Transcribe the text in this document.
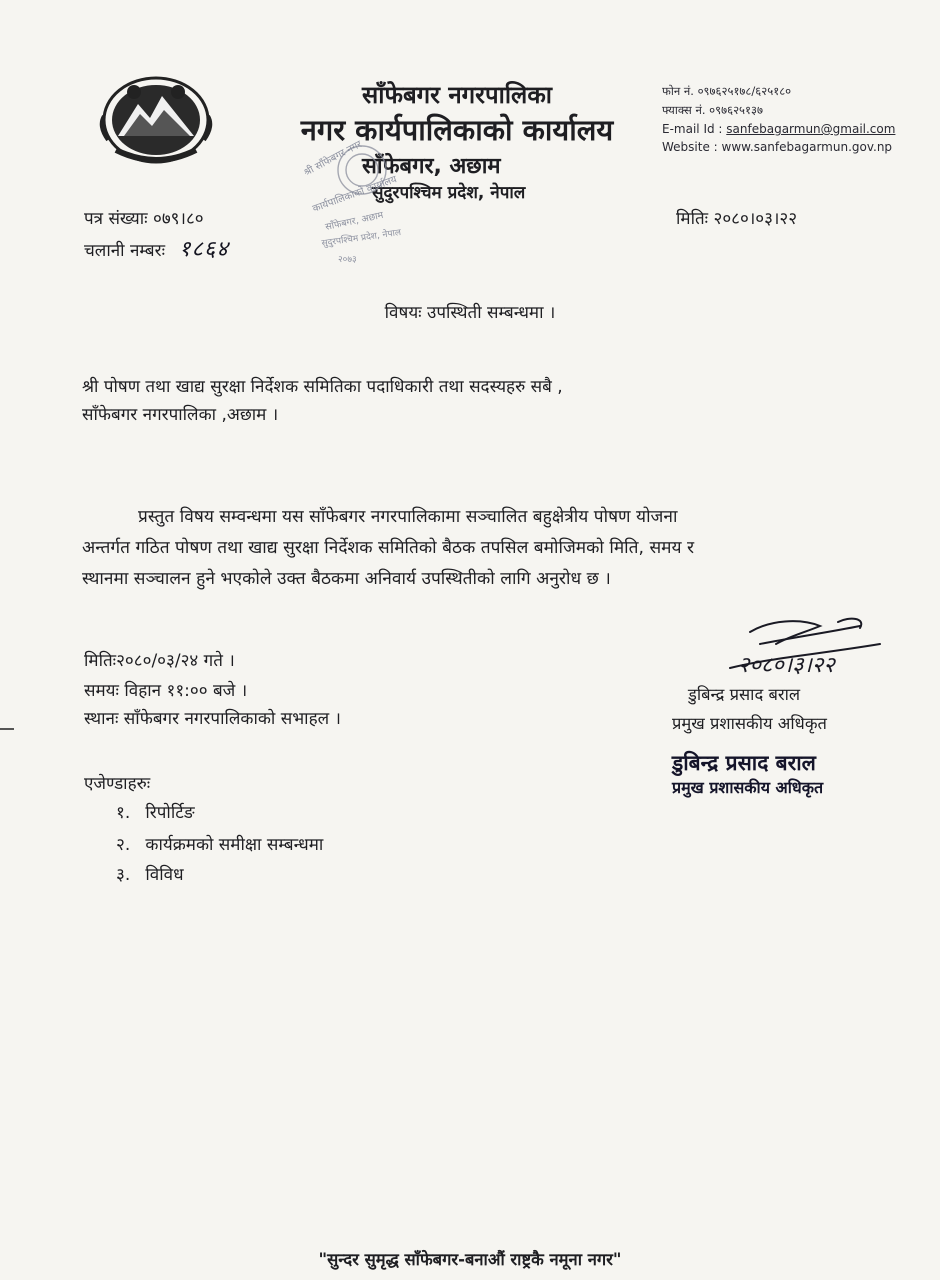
साँफेबगर नगरपालिका
नगर कार्यपालिकाको कार्यालय
साँफेबगर, अछाम
सुदुरपश्चिम प्रदेश, नेपाल
फोन नं. ०९७६२५१७८/६२५१८०
फ्याक्स नं. ०९७६२५१३७
E-mail Id : sanfebagarmun@gmail.com
Website : www.sanfebagarmun.gov.np
श्री साँफेबगर नगर
कार्यपालिकाको कार्यालय
साँफेबगर, अछाम
सुदुरपश्चिम प्रदेश, नेपाल
२०७३
पत्र संख्याः ०७९।८०
चलानी नम्बरः १८६४
मितिः २०८०।०३।२२
विषयः उपस्थिती सम्बन्धमा ।
श्री पोषण तथा खाद्य सुरक्षा निर्देशक समितिका पदाधिकारी तथा सदस्यहरु सबै ,
साँफेबगर नगरपालिका ,अछाम ।
प्रस्तुत विषय सम्वन्धमा यस साँफेबगर नगरपालिकामा सञ्चालित बहुक्षेत्रीय पोषण योजना
अन्तर्गत गठित पोषण तथा खाद्य सुरक्षा निर्देशक समितिको बैठक तपसिल बमोजिमको मिति, समय र
स्थानमा सञ्चालन हुने भएकोले उक्त बैठकमा अनिवार्य उपस्थितीको लागि अनुरोध छ ।
मितिः२०८०/०३/२४ गते ।
समयः विहान ११:०० बजे ।
स्थानः साँफेबगर नगरपालिकाको सभाहल ।
एजेण्डाहरुः
१. रिपोर्टिङ
२. कार्यक्रमको समीक्षा सम्बन्धमा
३. विविध
२०८०।३।२२
डुबिन्द्र प्रसाद बराल
प्रमुख प्रशासकीय अधिकृत
डुबिन्द्र प्रसाद बराल
प्रमुख प्रशासकीय अधिकृत
"सुन्दर सुमृद्ध साँफेबगर-बनाऔं राष्ट्रकै नमूना नगर"
